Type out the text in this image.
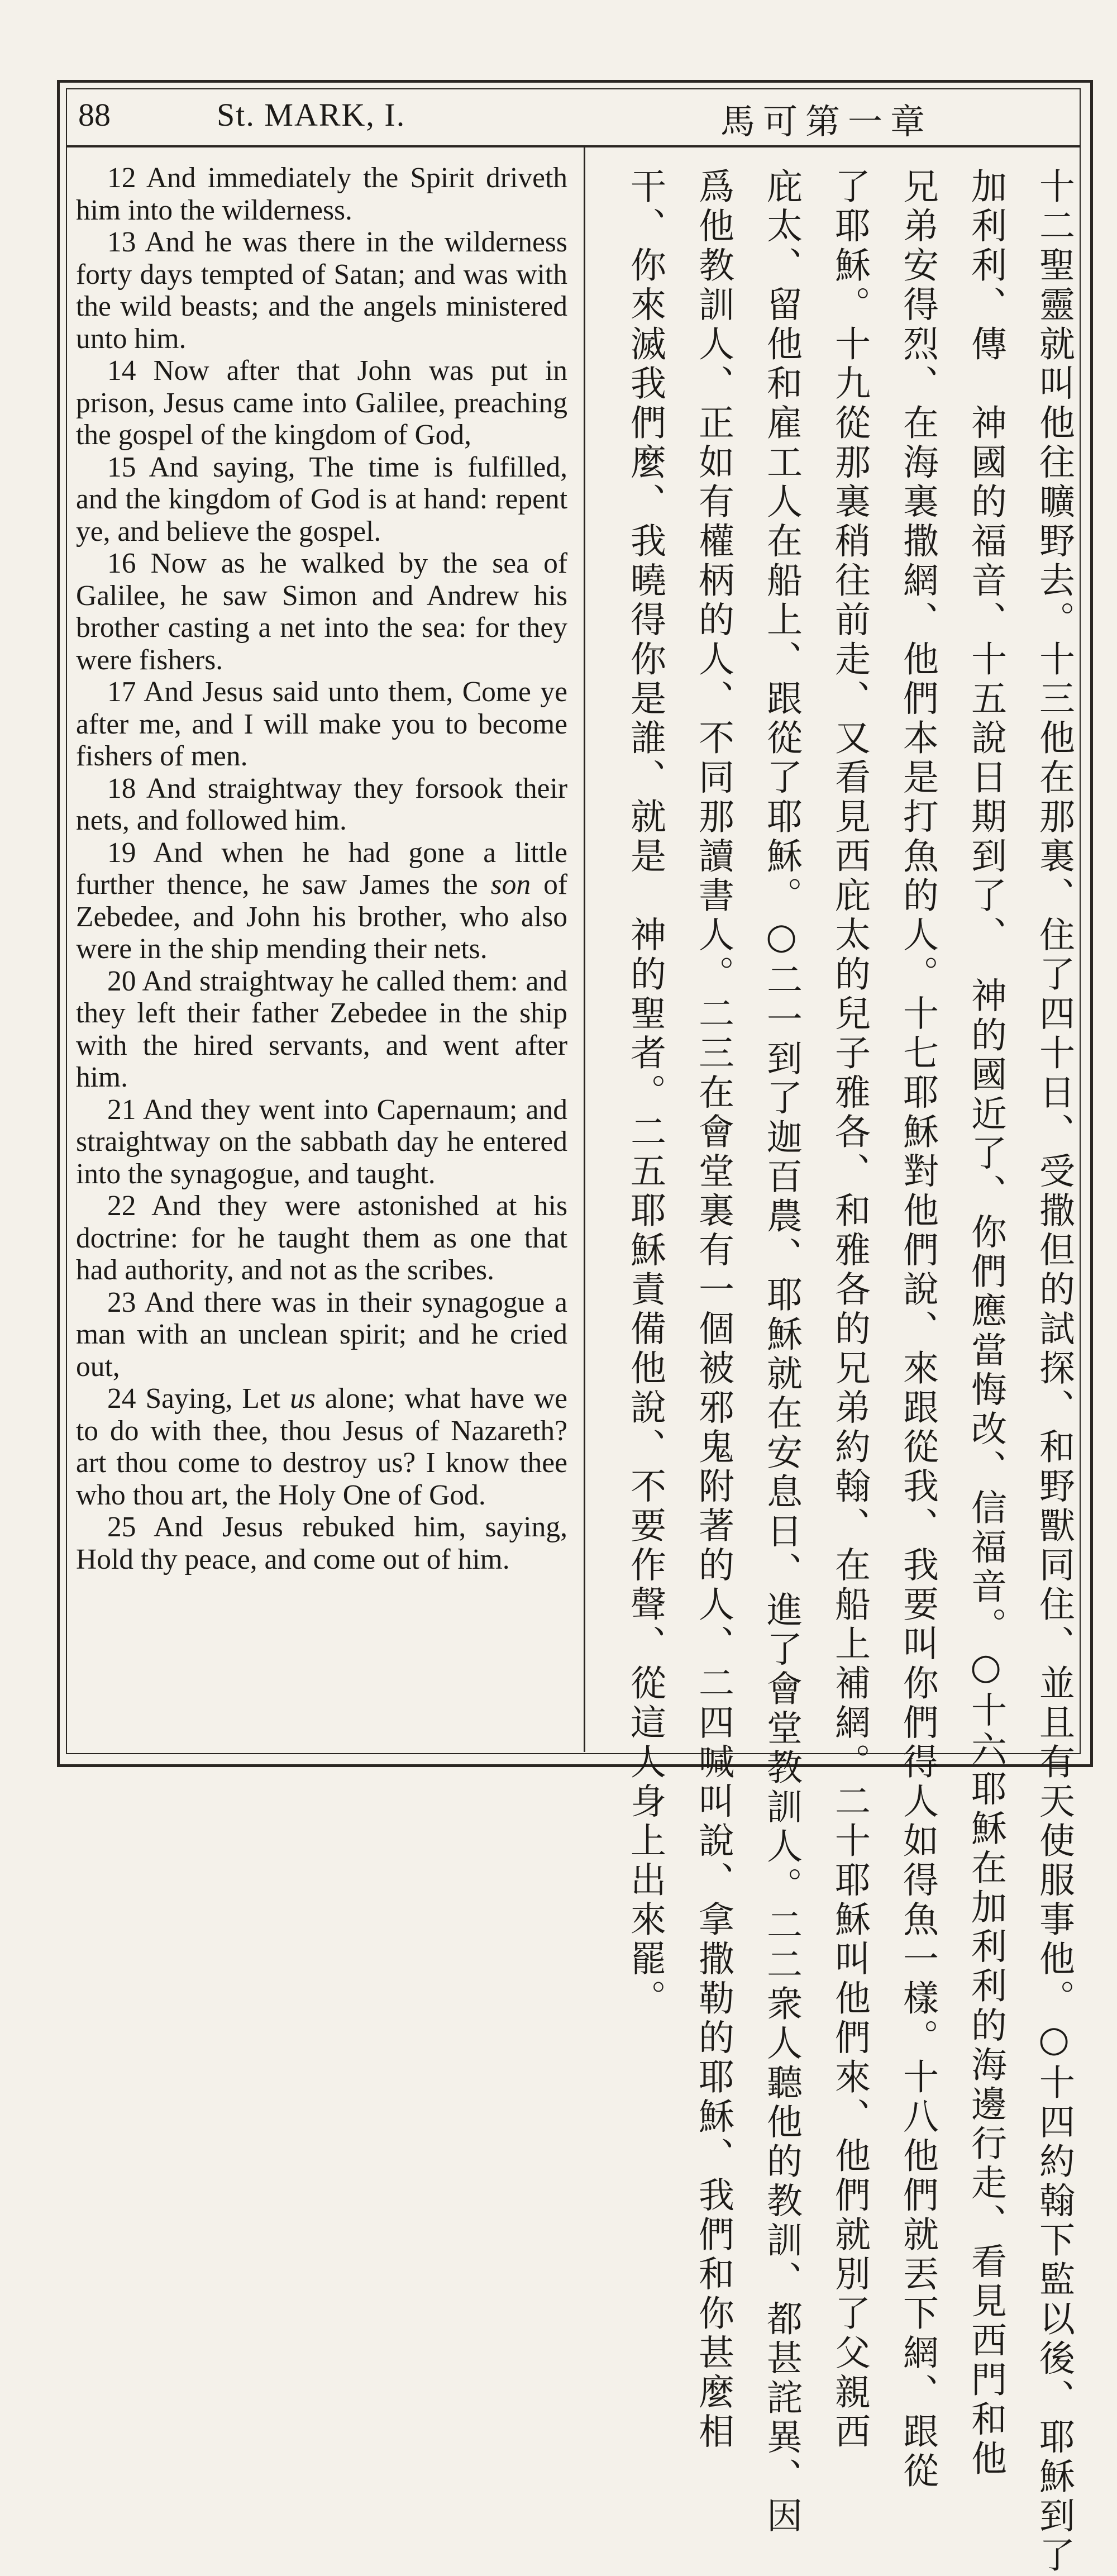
88	St. MARK, I.	馬可第一章

12 And immediately the Spirit driveth him into the wilderness.

13 And he was there in the wilderness forty days tempted of Satan; and was with the wild beasts; and the angels ministered unto him.

14 Now after that John was put in prison, Jesus came into Galilee, preaching the gospel of the kingdom of God,

15 And saying, The time is fulfilled, and the kingdom of God is at hand: repent ye, and believe the gospel.

16 Now as he walked by the sea of Galilee, he saw Simon and Andrew his brother casting a net into the sea: for they were fishers.

17 And Jesus said unto them, Come ye after me, and I will make you to become fishers of men.

18 And straightway they forsook their nets, and followed him.

19 And when he had gone a little further thence, he saw James the son of Zebedee, and John his brother, who also were in the ship mending their nets.

20 And straightway he called them: and they left their father Zebedee in the ship with the hired servants, and went after him.

21 And they went into Capernaum; and straightway on the sabbath day he entered into the synagogue, and taught.

22 And they were astonished at his doctrine: for he taught them as one that had authority, and not as the scribes.

23 And there was in their synagogue a man with an unclean spirit; and he cried out,

24 Saying, Let us alone; what have we to do with thee, thou Jesus of Nazareth? art thou come to destroy us? I know thee who thou art, the Holy One of God.

25 And Jesus rebuked him, saying, Hold thy peace, and come out of him.	十二聖靈就叫他往曠野去。十三他在那裏、住了四十日、受撒但的試探、和野獸同住、並且有天使服事他。○十四約翰下監以後、耶穌到了
加利利、傳　神國的福音、十五說日期到了、　神的國近了、你們應當悔改、信福音。○十六耶穌在加利利的海邊行走、看見西門和他
兄弟安得烈、在海裏撒網、他們本是打魚的人。十七耶穌對他們說、來跟從我、我要叫你們得人如得魚一樣。十八他們就丟下網、跟從
了耶穌。十九從那裏稍往前走、又看見西庇太的兒子雅各、和雅各的兄弟約翰、在船上補網。二十耶穌叫他們來、他們就別了父親西
庇太、留他和雇工人在船上、跟從了耶穌。○二一到了迦百農、耶穌就在安息日、進了會堂教訓人。二二衆人聽他的教訓、都甚詫異、因
爲他教訓人、正如有權柄的人、不同那讀書人。二三在會堂裏有一個被邪鬼附著的人、二四喊叫說、拿撒勒的耶穌、我們和你甚麼相
干、你來滅我們麼、我曉得你是誰、就是　神的聖者。二五耶穌責備他說、不要作聲、從這人身上出來罷。
